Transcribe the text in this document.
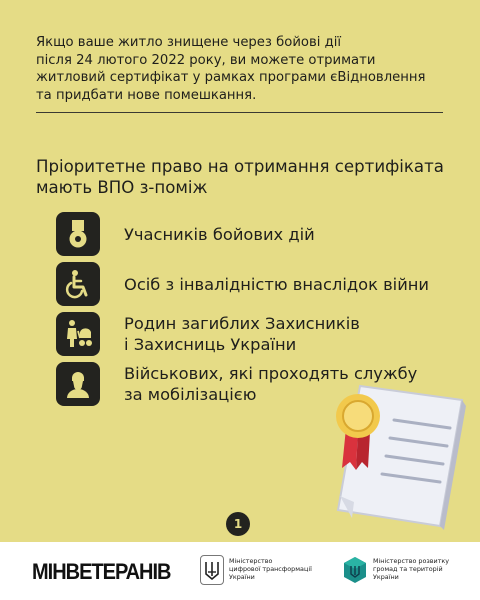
Якщо ваше житло знищене через бойові дії

після 24 лютого 2022 року, ви можете отримати

житловий сертифікат у рамках програми єВідновлення

та придбати нове помешкання.

Пріоритетне право на отримання сертифіката
мають ВПО з-поміж
Учасників бойових дій
Осіб з інвалідністю внаслідок війни
Родин загиблих Захисників
і Захисниць України
Військових, які проходять службу
за мобілізацією
1
МІНВЕТЕРАНІВ	Міністерство
цифрової трансформації
України
Міністерство розвитку
громад та територій
України
